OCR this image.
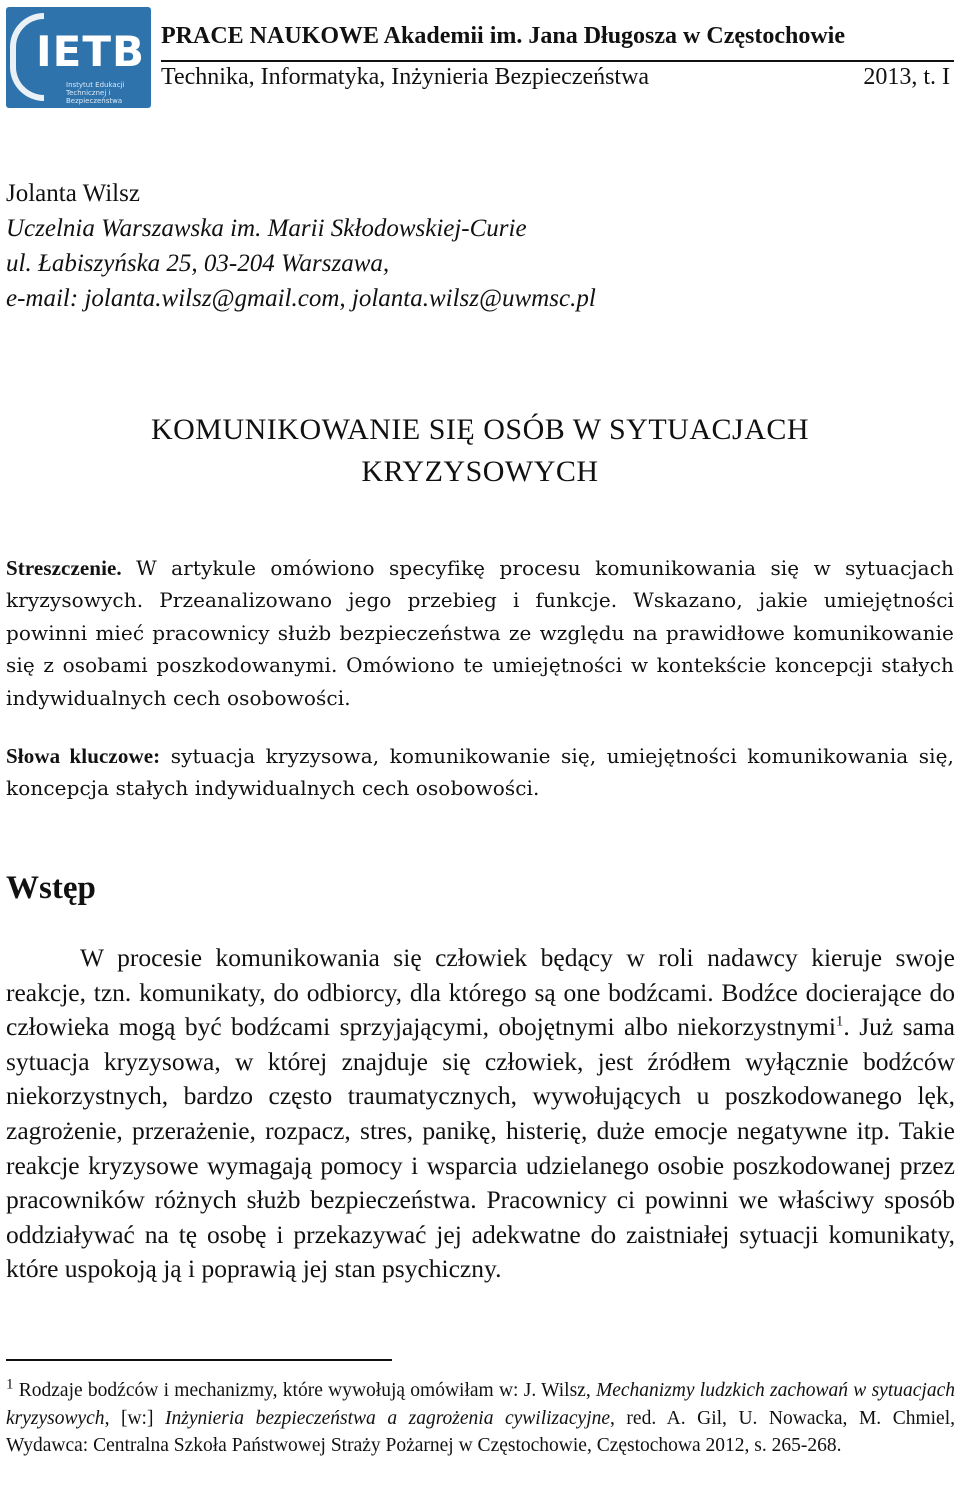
IETB
Instytut Edukacji Technicznej i Bezpieczeństwa
PRACE NAUKOWE Akademii im. Jana Długosza w Częstochowie
Technika, Informatyka, Inżynieria Bezpieczeństwa	2013, t. I
Jolanta Wilsz
Uczelnia Warszawska im. Marii Skłodowskiej-Curie
ul. Łabiszyńska 25, 03-204 Warszawa,
e-mail: jolanta.wilsz@gmail.com, jolanta.wilsz@uwmsc.pl
KOMUNIKOWANIE SIĘ OSÓB W SYTUACJACH
KRYZYSOWYCH
Streszczenie. W artykule omówiono specyfikę procesu komunikowania się w sytuacjach kryzysowych. Przeanalizowano jego przebieg i funkcje. Wskazano, jakie umiejętności powinni mieć pracownicy służb bezpieczeństwa ze względu na prawidłowe komunikowanie się z osobami poszkodowanymi. Omówiono te umiejętności w kontekście koncepcji stałych indywidualnych cech osobowości.
Słowa kluczowe: sytuacja kryzysowa, komunikowanie się, umiejętności komunikowania się, koncepcja stałych indywidualnych cech osobowości.
Wstęp
W procesie komunikowania się człowiek będący w roli nadawcy kieruje swoje reakcje, tzn. komunikaty, do odbiorcy, dla którego są one bodźcami. Bodźce docierające do człowieka mogą być bodźcami sprzyjającymi, obojętnymi albo niekorzystnymi$^1$. Już sama sytuacja kryzysowa, w której znajduje się człowiek, jest źródłem wyłącznie bodźców niekorzystnych, bardzo często traumatycznych, wywołujących u poszkodowanego lęk, zagrożenie, przerażenie, rozpacz, stres, panikę, histerię, duże emocje negatywne itp. Takie reakcje kryzysowe wymagają pomocy i wsparcia udzielanego osobie poszkodowanej przez pracowników różnych służb bezpieczeństwa. Pracownicy ci powinni we właściwy sposób oddziaływać na tę osobę i przekazywać jej adekwatne do zaistniałej sytuacji komunikaty, które uspokoją ją i poprawią jej stan psychiczny.
$^1$ Rodzaje bodźców i mechanizmy, które wywołują omówiłam w: J. Wilsz, Mechanizmy ludzkich zachowań w sytuacjach kryzysowych, [w:] Inżynieria bezpieczeństwa a zagrożenia cywilizacyjne, red. A. Gil, U. Nowacka, M. Chmiel, Wydawca: Centralna Szkoła Państwowej Straży Pożarnej w Częstochowie, Częstochowa 2012, s. 265-268.
